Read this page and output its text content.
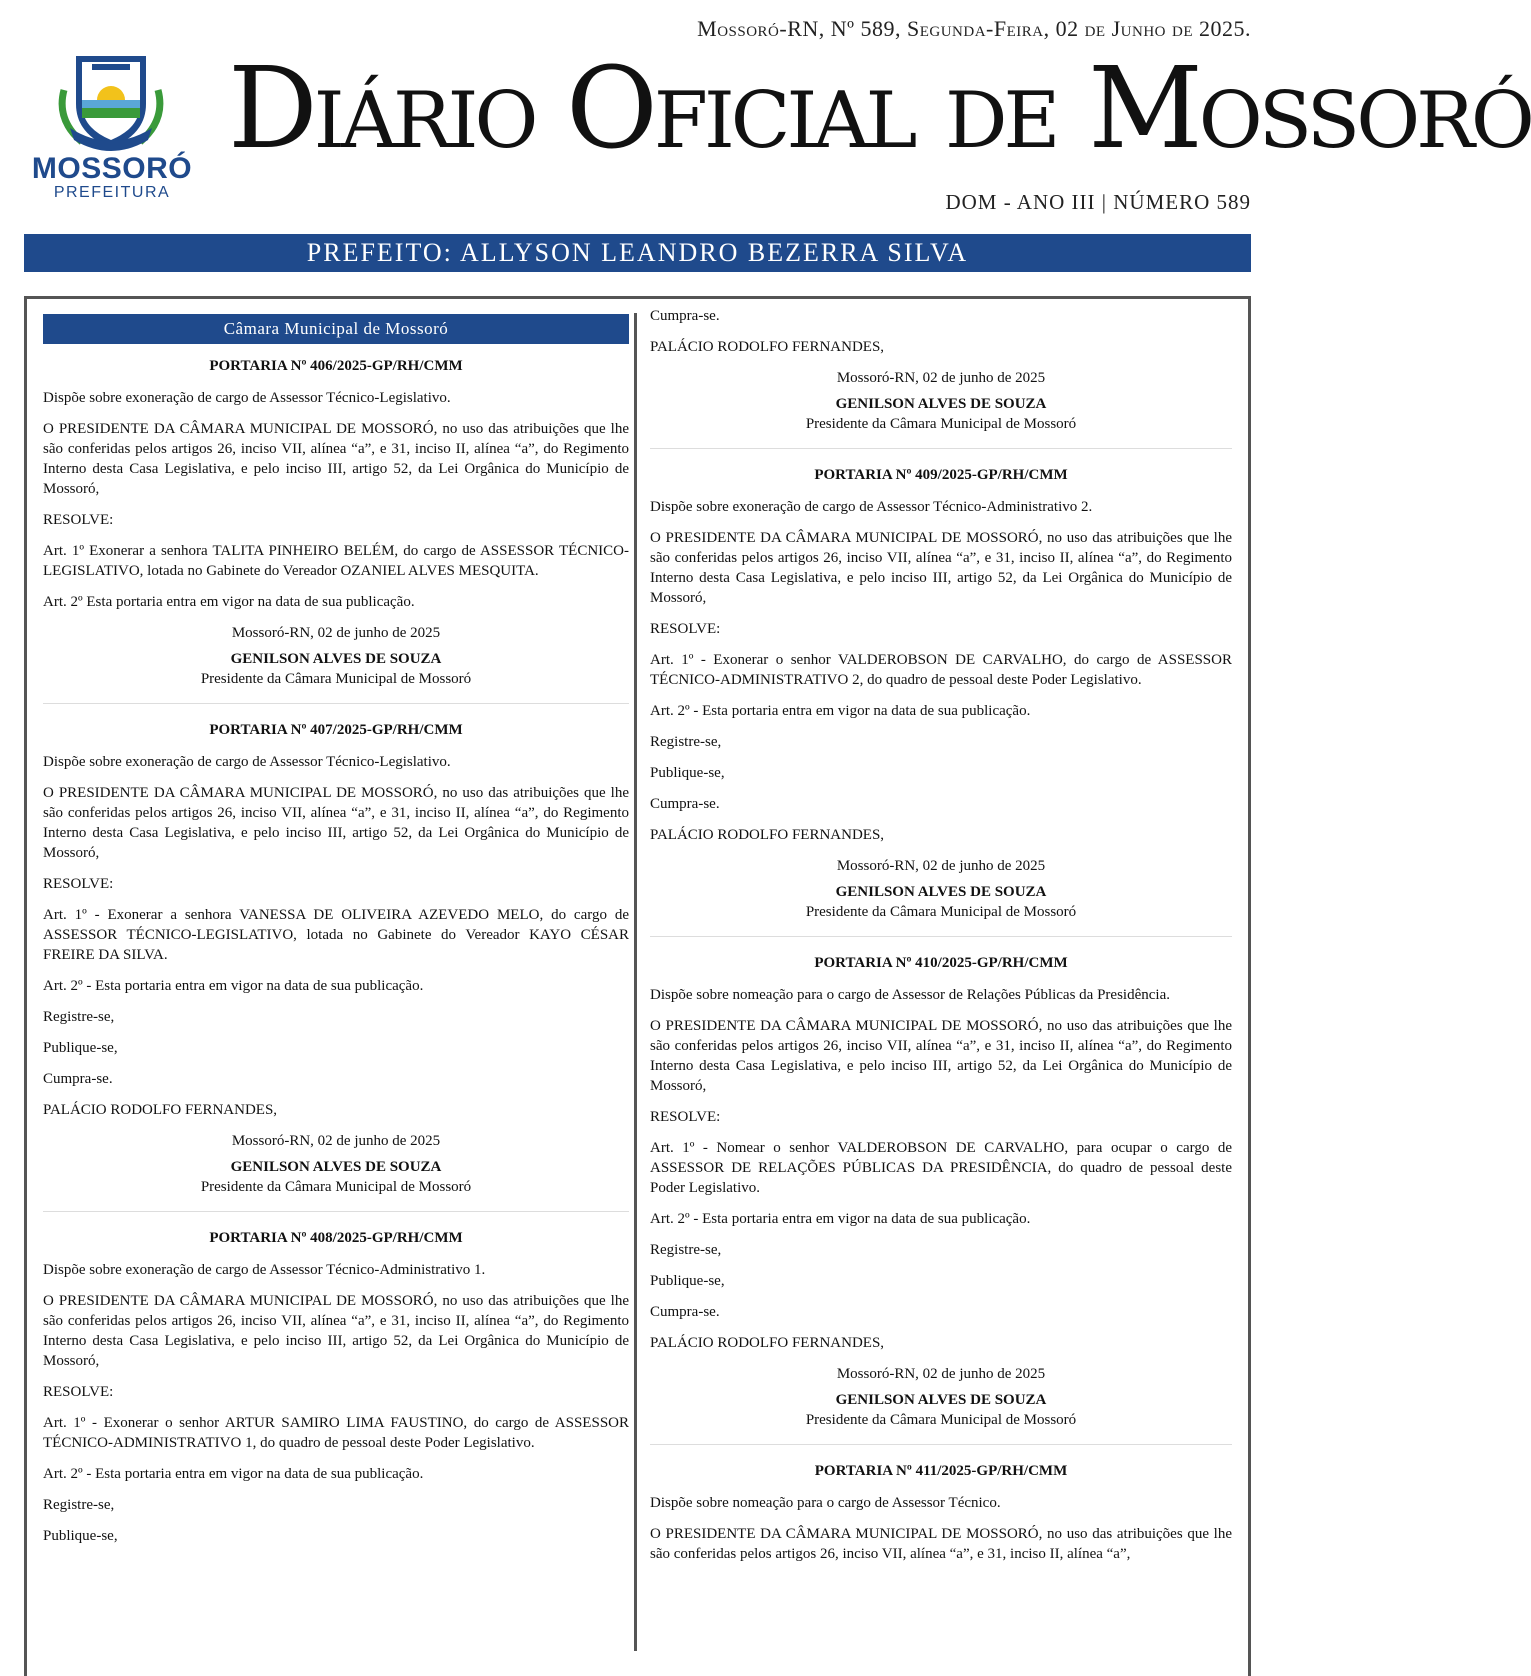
Mossoró-RN, Nº 589, Segunda-Feira, 02 de Junho de 2025.
MOSSORÓ
PREFEITURA
Diário Oficial de Mossoró
DOM - ANO III | NÚMERO 589
PREFEITO: ALLYSON LEANDRO BEZERRA SILVA
Câmara Municipal de Mossoró

PORTARIA Nº 406/2025-GP/RH/CMM

Dispõe sobre exoneração de cargo de Assessor Técnico-Legislativo.

O PRESIDENTE DA CÂMARA MUNICIPAL DE MOSSORÓ, no uso das atribuições que lhe são conferidas pelos artigos 26, inciso VII, alínea “a”, e 31, inciso II, alínea “a”, do Regimento Interno desta Casa Legislativa, e pelo inciso III, artigo 52, da Lei Orgânica do Município de Mossoró,

RESOLVE:

Art. 1º Exonerar a senhora TALITA PINHEIRO BELÉM, do cargo de ASSESSOR TÉCNICO-LEGISLATIVO, lotada no Gabinete do Vereador OZANIEL ALVES MESQUITA.

Art. 2º Esta portaria entra em vigor na data de sua publicação.

Mossoró-RN, 02 de junho de 2025

GENILSON ALVES DE SOUZA

Presidente da Câmara Municipal de Mossoró

PORTARIA Nº 407/2025-GP/RH/CMM

Dispõe sobre exoneração de cargo de Assessor Técnico-Legislativo.

O PRESIDENTE DA CÂMARA MUNICIPAL DE MOSSORÓ, no uso das atribuições que lhe são conferidas pelos artigos 26, inciso VII, alínea “a”, e 31, inciso II, alínea “a”, do Regimento Interno desta Casa Legislativa, e pelo inciso III, artigo 52, da Lei Orgânica do Município de Mossoró,

RESOLVE:

Art. 1º - Exonerar a senhora VANESSA DE OLIVEIRA AZEVEDO MELO, do cargo de ASSESSOR TÉCNICO-LEGISLATIVO, lotada no Gabinete do Vereador KAYO CÉSAR FREIRE DA SILVA.

Art. 2º - Esta portaria entra em vigor na data de sua publicação.

Registre-se,

Publique-se,

Cumpra-se.

PALÁCIO RODOLFO FERNANDES,

Mossoró-RN, 02 de junho de 2025

GENILSON ALVES DE SOUZA

Presidente da Câmara Municipal de Mossoró

PORTARIA Nº 408/2025-GP/RH/CMM

Dispõe sobre exoneração de cargo de Assessor Técnico-Administrativo 1.

O PRESIDENTE DA CÂMARA MUNICIPAL DE MOSSORÓ, no uso das atribuições que lhe são conferidas pelos artigos 26, inciso VII, alínea “a”, e 31, inciso II, alínea “a”, do Regimento Interno desta Casa Legislativa, e pelo inciso III, artigo 52, da Lei Orgânica do Município de Mossoró,

RESOLVE:

Art. 1º - Exonerar o senhor ARTUR SAMIRO LIMA FAUSTINO, do cargo de ASSESSOR TÉCNICO-ADMINISTRATIVO 1, do quadro de pessoal deste Poder Legislativo.

Art. 2º - Esta portaria entra em vigor na data de sua publicação.

Registre-se,

Publique-se,

Cumpra-se.

PALÁCIO RODOLFO FERNANDES,

Mossoró-RN, 02 de junho de 2025

GENILSON ALVES DE SOUZA

Presidente da Câmara Municipal de Mossoró

PORTARIA Nº 409/2025-GP/RH/CMM

Dispõe sobre exoneração de cargo de Assessor Técnico-Administrativo 2.

O PRESIDENTE DA CÂMARA MUNICIPAL DE MOSSORÓ, no uso das atribuições que lhe são conferidas pelos artigos 26, inciso VII, alínea “a”, e 31, inciso II, alínea “a”, do Regimento Interno desta Casa Legislativa, e pelo inciso III, artigo 52, da Lei Orgânica do Município de Mossoró,

RESOLVE:

Art. 1º - Exonerar o senhor VALDEROBSON DE CARVALHO, do cargo de ASSESSOR TÉCNICO-ADMINISTRATIVO 2, do quadro de pessoal deste Poder Legislativo.

Art. 2º - Esta portaria entra em vigor na data de sua publicação.

Registre-se,

Publique-se,

Cumpra-se.

PALÁCIO RODOLFO FERNANDES,

Mossoró-RN, 02 de junho de 2025

GENILSON ALVES DE SOUZA

Presidente da Câmara Municipal de Mossoró

PORTARIA Nº 410/2025-GP/RH/CMM

Dispõe sobre nomeação para o cargo de Assessor de Relações Públicas da Presidência.

O PRESIDENTE DA CÂMARA MUNICIPAL DE MOSSORÓ, no uso das atribuições que lhe são conferidas pelos artigos 26, inciso VII, alínea “a”, e 31, inciso II, alínea “a”, do Regimento Interno desta Casa Legislativa, e pelo inciso III, artigo 52, da Lei Orgânica do Município de Mossoró,

RESOLVE:

Art. 1º - Nomear o senhor VALDEROBSON DE CARVALHO, para ocupar o cargo de ASSESSOR DE RELAÇÕES PÚBLICAS DA PRESIDÊNCIA, do quadro de pessoal deste Poder Legislativo.

Art. 2º - Esta portaria entra em vigor na data de sua publicação.

Registre-se,

Publique-se,

Cumpra-se.

PALÁCIO RODOLFO FERNANDES,

Mossoró-RN, 02 de junho de 2025

GENILSON ALVES DE SOUZA

Presidente da Câmara Municipal de Mossoró

PORTARIA Nº 411/2025-GP/RH/CMM

Dispõe sobre nomeação para o cargo de Assessor Técnico.

O PRESIDENTE DA CÂMARA MUNICIPAL DE MOSSORÓ, no uso das atribuições que lhe são conferidas pelos artigos 26, inciso VII, alínea “a”, e 31, inciso II, alínea “a”,
